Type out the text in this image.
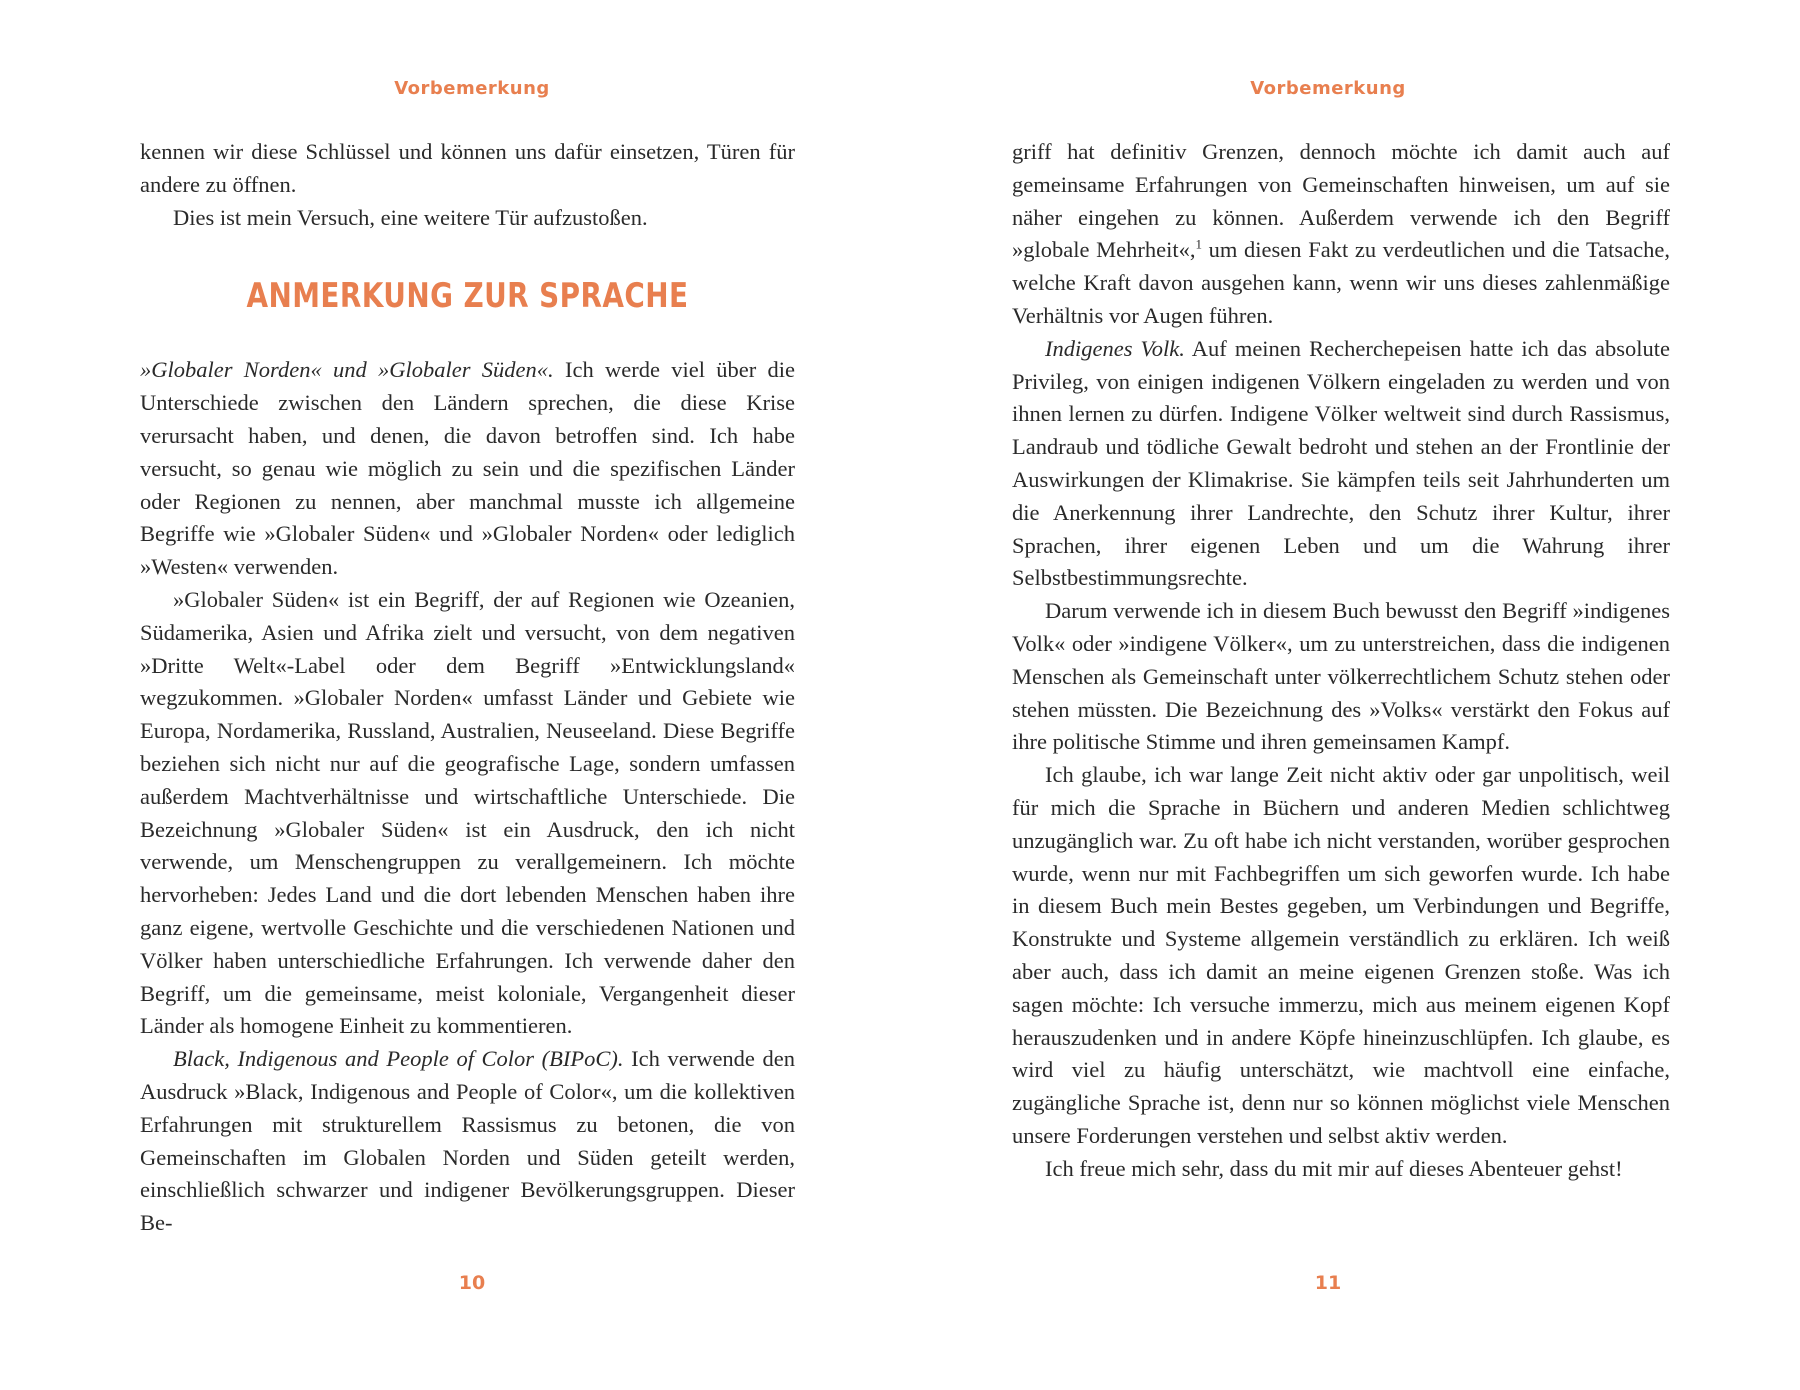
Vorbemerkung

kennen wir diese Schlüssel und können uns dafür einsetzen, Türen für andere zu öffnen.

Dies ist mein Versuch, eine weitere Tür aufzustoßen.

ANMERKUNG ZUR SPRACHE

»Globaler Norden« und »Globaler Süden«. Ich werde viel über die Unterschiede zwischen den Ländern sprechen, die diese Krise verursacht haben, und denen, die davon betroffen sind. Ich habe versucht, so genau wie möglich zu sein und die spezifischen Länder oder Regionen zu nennen, aber manchmal musste ich allgemeine Begriffe wie »Globaler Süden« und »Globaler Norden« oder lediglich »Westen« verwenden.

»Globaler Süden« ist ein Begriff, der auf Regionen wie Ozeanien, Südamerika, Asien und Afrika zielt und versucht, von dem negativen »Dritte Welt«-Label oder dem Begriff »Entwicklungsland« wegzukommen. »Globaler Norden« umfasst Länder und Gebiete wie Europa, Nordamerika, Russland, Australien, Neuseeland. Diese Begriffe beziehen sich nicht nur auf die geografische Lage, sondern umfassen außerdem Machtverhältnisse und wirtschaftliche Unterschiede. Die Bezeichnung »Globaler Süden« ist ein Ausdruck, den ich nicht verwende, um Menschengruppen zu verallgemeinern. Ich möchte hervorheben: Jedes Land und die dort lebenden Menschen haben ihre ganz eigene, wertvolle Geschichte und die verschiedenen Nationen und Völker haben unterschiedliche Erfahrungen. Ich verwende daher den Begriff, um die gemeinsame, meist koloniale, Vergangenheit dieser Länder als homogene Einheit zu kommentieren.

Black, Indigenous and People of Color (BIPoC). Ich verwende den Ausdruck »Black, Indigenous and People of Color«, um die kollektiven Erfahrungen mit strukturellem Rassismus zu betonen, die von Gemeinschaften im Globalen Norden und Süden geteilt werden, einschließlich schwarzer und indigener Bevölkerungsgruppen. Dieser Be-

10
Vorbemerkung

griff hat definitiv Grenzen, dennoch möchte ich damit auch auf gemeinsame Erfahrungen von Gemeinschaften hinweisen, um auf sie näher eingehen zu können. Außerdem verwende ich den Begriff »globale Mehrheit«,$^1$ um diesen Fakt zu verdeutlichen und die Tatsache, welche Kraft davon ausgehen kann, wenn wir uns dieses zahlenmäßige Verhältnis vor Augen führen.

Indigenes Volk. Auf meinen Rechercheреisen hatte ich das absolute Privileg, von einigen indigenen Völkern eingeladen zu werden und von ihnen lernen zu dürfen. Indigene Völker weltweit sind durch Rassismus, Landraub und tödliche Gewalt bedroht und stehen an der Frontlinie der Auswirkungen der Klimakrise. Sie kämpfen teils seit Jahrhunderten um die Anerkennung ihrer Landrechte, den Schutz ihrer Kultur, ihrer Sprachen, ihrer eigenen Leben und um die Wahrung ihrer Selbstbestimmungsrechte.

Darum verwende ich in diesem Buch bewusst den Begriff »indigenes Volk« oder »indigene Völker«, um zu unterstreichen, dass die indigenen Menschen als Gemeinschaft unter völkerrechtlichem Schutz stehen oder stehen müssten. Die Bezeichnung des »Volks« verstärkt den Fokus auf ihre politische Stimme und ihren gemeinsamen Kampf.

Ich glaube, ich war lange Zeit nicht aktiv oder gar unpolitisch, weil für mich die Sprache in Büchern und anderen Medien schlichtweg unzugänglich war. Zu oft habe ich nicht verstanden, worüber gesprochen wurde, wenn nur mit Fachbegriffen um sich geworfen wurde. Ich habe in diesem Buch mein Bestes gegeben, um Verbindungen und Begriffe, Konstrukte und Systeme allgemein verständlich zu erklären. Ich weiß aber auch, dass ich damit an meine eigenen Grenzen stoße. Was ich sagen möchte: Ich versuche immerzu, mich aus meinem eigenen Kopf herauszudenken und in andere Köpfe hineinzuschlüpfen. Ich glaube, es wird viel zu häufig unterschätzt, wie machtvoll eine einfache, zugängliche Sprache ist, denn nur so können möglichst viele Menschen unsere Forderungen verstehen und selbst aktiv werden.

Ich freue mich sehr, dass du mit mir auf dieses Abenteuer gehst!

11
